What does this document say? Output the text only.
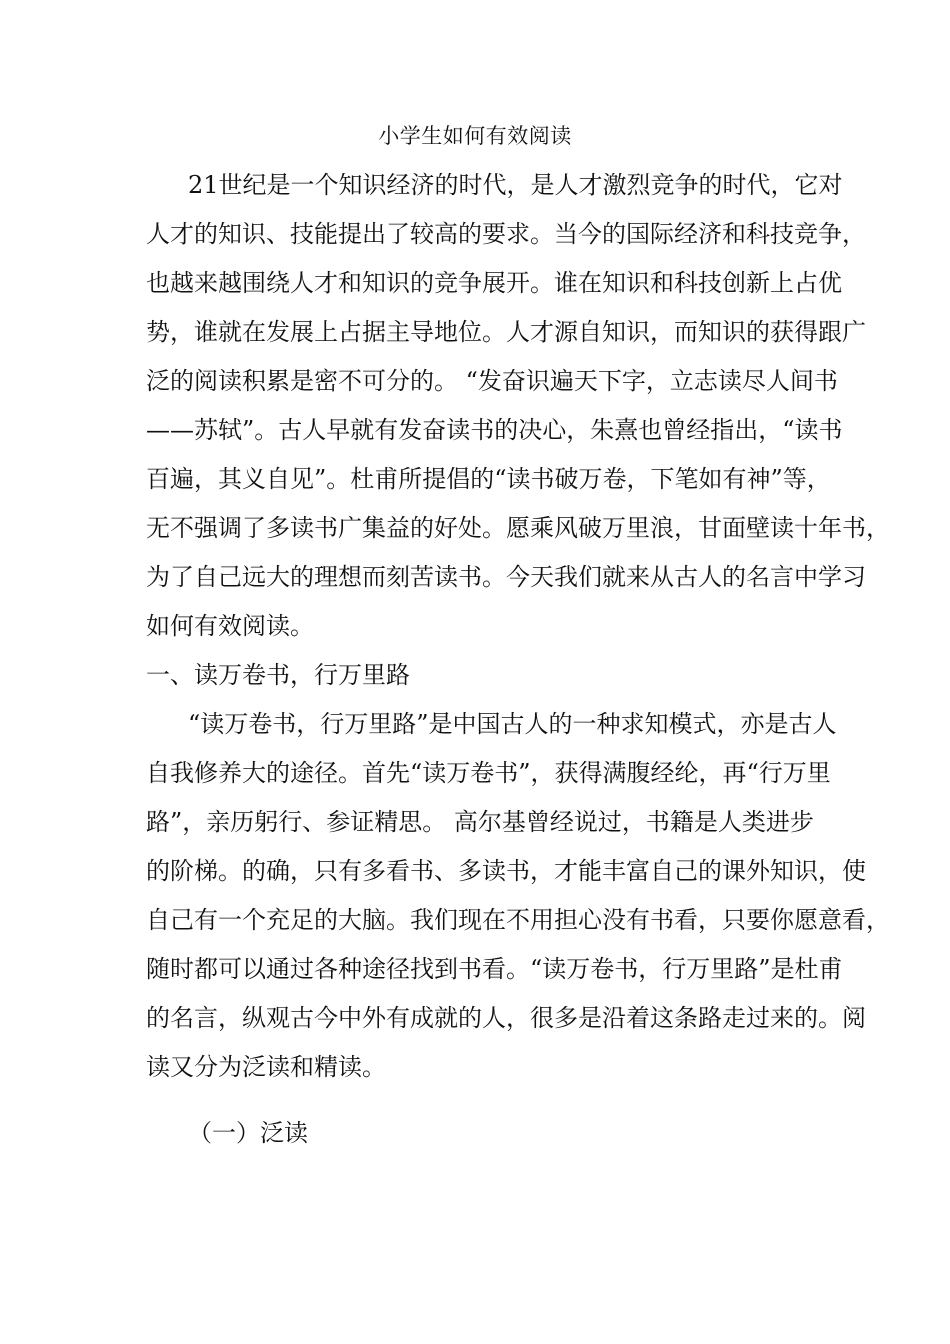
小学生如何有效阅读
21世纪是一个知识经济的时代，是人才激烈竞争的时代，它对
人才的知识、技能提出了较高的要求。当今的国际经济和科技竞争，
也越来越围绕人才和知识的竞争展开。谁在知识和科技创新上占优
势，谁就在发展上占据主导地位。人才源自知识，而知识的获得跟广
泛的阅读积累是密不可分的。 “发奋识遍天下字，立志读尽人间书
——苏轼”。古人早就有发奋读书的决心，朱熹也曾经指出，“读书
百遍，其义自见”。杜甫所提倡的“读书破万卷，下笔如有神”等，
无不强调了多读书广集益的好处。愿乘风破万里浪，甘面壁读十年书，
为了自己远大的理想而刻苦读书。今天我们就来从古人的名言中学习
如何有效阅读。
一、读万卷书，行万里路
“读万卷书，行万里路”是中国古人的一种求知模式，亦是古人
自我修养大的途径。首先“读万卷书”，获得满腹经纶，再“行万里
路”，亲历躬行、参证精思。 高尔基曾经说过，书籍是人类进步
的阶梯。的确，只有多看书、多读书，才能丰富自己的课外知识，使
自己有一个充足的大脑。我们现在不用担心没有书看，只要你愿意看，
随时都可以通过各种途径找到书看。“读万卷书，行万里路”是杜甫
的名言，纵观古今中外有成就的人，很多是沿着这条路走过来的。阅
读又分为泛读和精读。
（一）泛读
